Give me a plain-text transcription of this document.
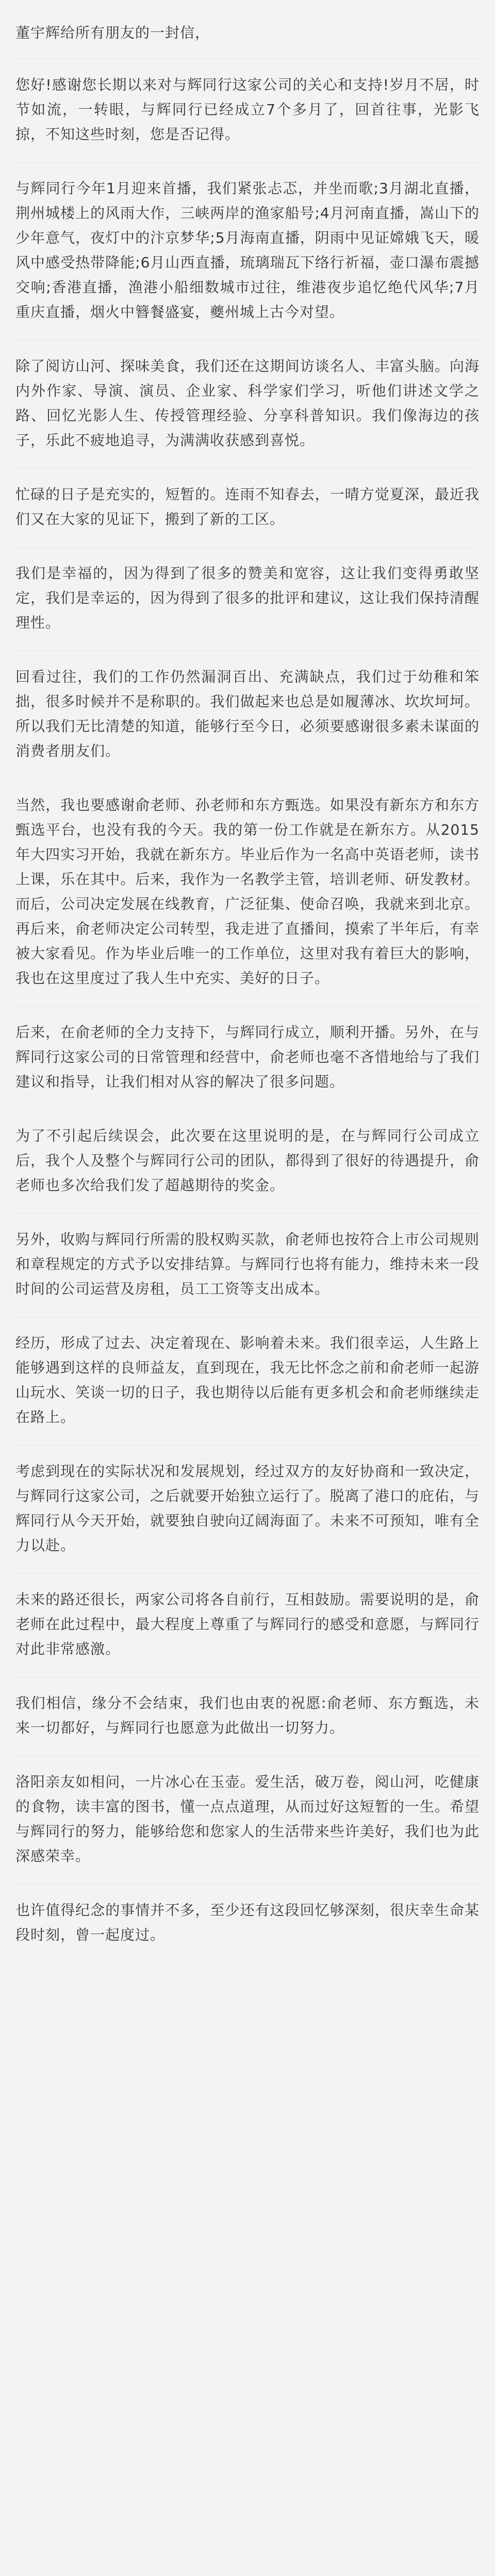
董宇辉给所有朋友的一封信，

您好!感谢您长期以来对与辉同行这家公司的关心和支持!岁月不居，时节如流，一转眼，与辉同行已经成立7个多月了，回首往事，光影飞掠，不知这些时刻，您是否记得。

与辉同行今年1月迎来首播，我们紧张忐忑，并坐而歌;3月湖北直播，荆州城楼上的风雨大作，三峡两岸的渔家船号;4月河南直播，嵩山下的少年意气，夜灯中的汴京梦华;5月海南直播，阴雨中见证嫦娥飞天，暖风中感受热带降能;6月山西直播，琉璃瑞瓦下络行祈福，壶口瀑布震撼交响;香港直播，渔港小船细数城市过往，维港夜步追忆绝代风华;7月重庆直播，烟火中簪餐盛宴，夔州城上古今对望。

除了阅访山河、探味美食，我们还在这期间访谈名人、丰富头脑。向海内外作家、导演、演员、企业家、科学家们学习，听他们讲述文学之路、回忆光影人生、传授管理经验、分享科普知识。我们像海边的孩子，乐此不疲地追寻，为满满收获感到喜悦。

忙碌的日子是充实的，短暂的。连雨不知春去，一晴方觉夏深，最近我们又在大家的见证下，搬到了新的工区。

我们是幸福的，因为得到了很多的赞美和宽容，这让我们变得勇敢坚定，我们是幸运的，因为得到了很多的批评和建议，这让我们保持清醒理性。

回看过往，我们的工作仍然漏洞百出、充满缺点，我们过于幼稚和笨拙，很多时候并不是称职的。我们做起来也总是如履薄冰、坎坎坷坷。所以我们无比清楚的知道，能够行至今日，必须要感谢很多素未谋面的消费者朋友们。

当然，我也要感谢俞老师、孙老师和东方甄选。如果没有新东方和东方甄选平台，也没有我的今天。我的第一份工作就是在新东方。从2015年大四实习开始，我就在新东方。毕业后作为一名高中英语老师，读书上课，乐在其中。后来，我作为一名教学主管，培训老师、研发教材。而后，公司决定发展在线教育，广泛征集、使命召唤，我就来到北京。再后来，俞老师决定公司转型，我走进了直播间，摸索了半年后，有幸被大家看见。作为毕业后唯一的工作单位，这里对我有着巨大的影响，我也在这里度过了我人生中充实、美好的日子。

后来，在俞老师的全力支持下，与辉同行成立，顺利开播。另外，在与辉同行这家公司的日常管理和经营中，俞老师也毫不吝惜地给与了我们建议和指导，让我们相对从容的解决了很多问题。

为了不引起后续误会，此次要在这里说明的是，在与辉同行公司成立后，我个人及整个与辉同行公司的团队，都得到了很好的待遇提升，俞老师也多次给我们发了超越期待的奖金。

另外，收购与辉同行所需的股权购买款，俞老师也按符合上市公司规则和章程规定的方式予以安排结算。与辉同行也将有能力，维持未来一段时间的公司运营及房租，员工工资等支出成本。

经历，形成了过去、决定着现在、影响着未来。我们很幸运，人生路上能够遇到这样的良师益友，直到现在，我无比怀念之前和俞老师一起游山玩水、笑谈一切的日子，我也期待以后能有更多机会和俞老师继续走在路上。

考虑到现在的实际状况和发展规划，经过双方的友好协商和一致决定，与辉同行这家公司，之后就要开始独立运行了。脱离了港口的庇佑，与辉同行从今天开始，就要独自驶向辽阔海面了。未来不可预知，唯有全力以赴。

未来的路还很长，两家公司将各自前行，互相鼓励。需要说明的是，俞老师在此过程中，最大程度上尊重了与辉同行的感受和意愿，与辉同行对此非常感激。

我们相信，缘分不会结束，我们也由衷的祝愿:俞老师、东方甄选，未来一切都好，与辉同行也愿意为此做出一切努力。

洛阳亲友如相问，一片冰心在玉壶。爱生活，破万卷，阅山河，吃健康的食物，读丰富的图书，懂一点点道理，从而过好这短暂的一生。希望与辉同行的努力，能够给您和您家人的生活带来些许美好，我们也为此深感荣幸。

也许值得纪念的事情并不多，至少还有这段回忆够深刻，很庆幸生命某段时刻，曾一起度过。
